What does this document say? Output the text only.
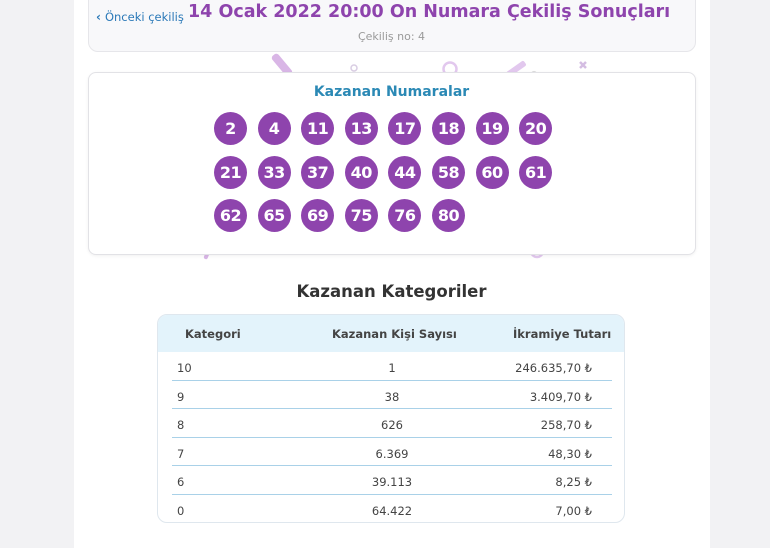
‹ Önceki çekiliş 14 Ocak 2022 20:00 On Numara Çekiliş Sonuçları
Çekiliş no: 4
Kazanan Numaralar
2	4	11	13	17	18	19	20
21	33	37	40	44	58	60	61
62	65	69	75	76	80
Kazanan Kategoriler
Kategori	Kazanan Kişi Sayısı	İkramiye Tutarı
10	1	246.635,70 ₺
9	38	3.409,70 ₺
8	626	258,70 ₺
7	6.369	48,30 ₺
6	39.113	8,25 ₺
0	64.422	7,00 ₺
